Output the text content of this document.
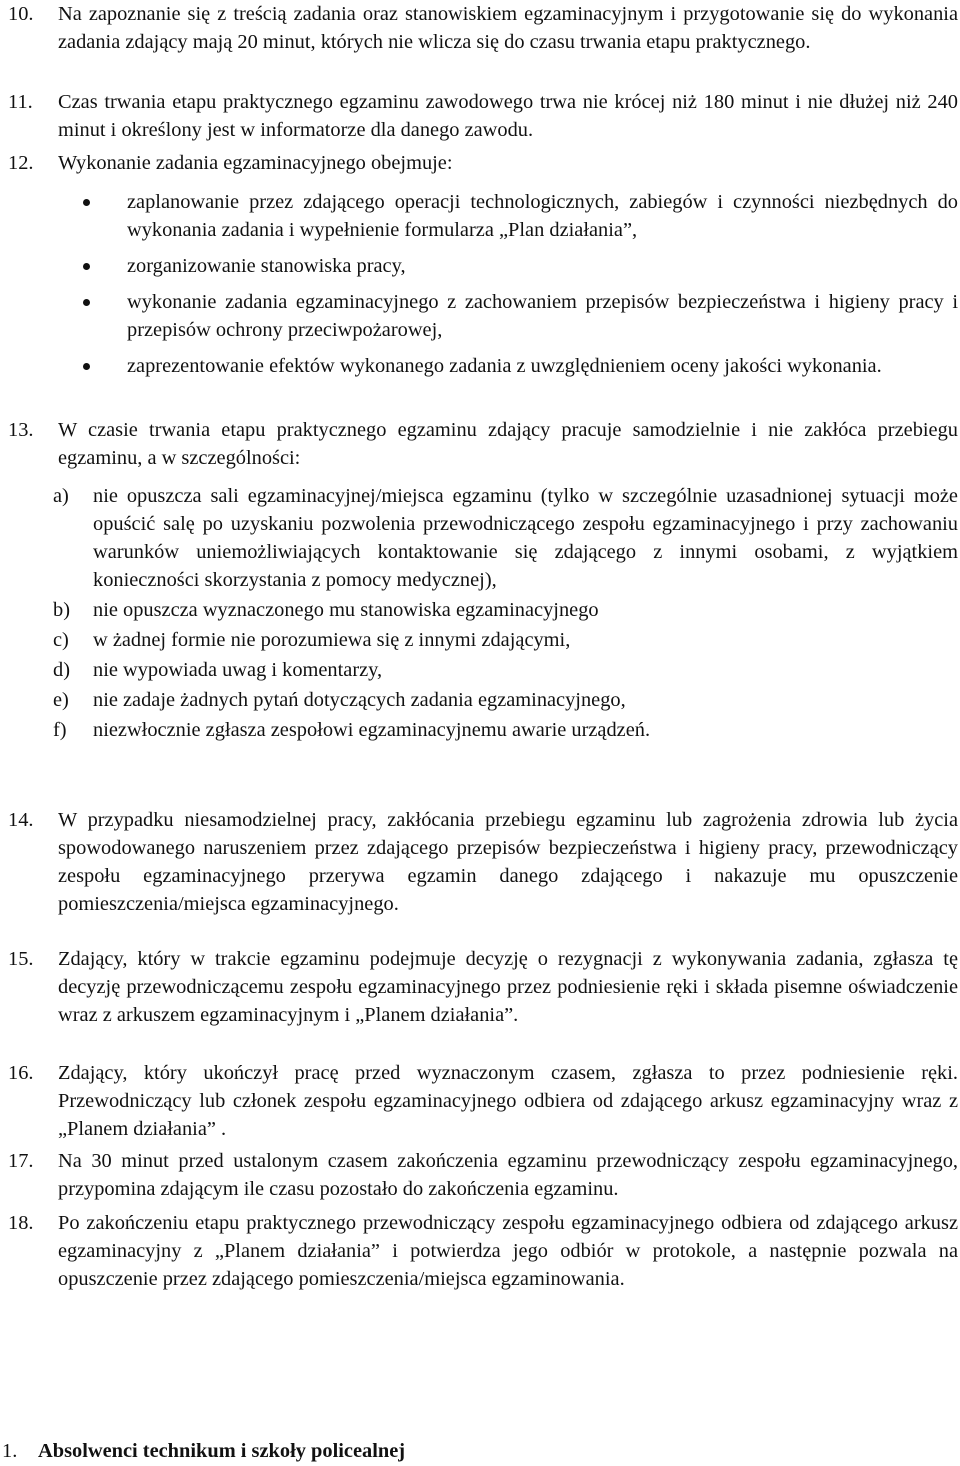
10. Na zapoznanie się z treścią zadania oraz stanowiskiem egzaminacyjnym i przygotowanie się do wykonania zadania zdający mają 20 minut, których nie wlicza się do czasu trwania etapu praktycznego.
11. Czas trwania etapu praktycznego egzaminu zawodowego trwa nie krócej niż 180 minut i nie dłużej niż 240 minut i określony jest w informatorze dla danego zawodu.
12. Wykonanie zadania egzaminacyjnego obejmuje:
zaplanowanie przez zdającego operacji technologicznych, zabiegów i czynności niezbędnych do wykonania zadania i wypełnienie formularza „Plan działania”,
zorganizowanie stanowiska pracy,
wykonanie zadania egzaminacyjnego z zachowaniem przepisów bezpieczeństwa i higieny pracy i przepisów ochrony przeciwpożarowej,
zaprezentowanie efektów wykonanego zadania z uwzględnieniem oceny jakości wykonania.
13. W czasie trwania etapu praktycznego egzaminu zdający pracuje samodzielnie i nie zakłóca przebiegu egzaminu, a w szczególności:
a) nie opuszcza sali egzaminacyjnej/miejsca egzaminu (tylko w szczególnie uzasadnionej sytuacji może opuścić salę po uzyskaniu pozwolenia przewodniczącego zespołu egzaminacyjnego i przy zachowaniu warunków uniemożliwiających kontaktowanie się zdającego z innymi osobami, z wyjątkiem konieczności skorzystania z pomocy medycznej),
b) nie opuszcza wyznaczonego mu stanowiska egzaminacyjnego
c) w żadnej formie nie porozumiewa się z innymi zdającymi,
d) nie wypowiada uwag i komentarzy,
e) nie zadaje żadnych pytań dotyczących zadania egzaminacyjnego,
f) niezwłocznie zgłasza zespołowi egzaminacyjnemu awarie urządzeń.
14. W przypadku niesamodzielnej pracy, zakłócania przebiegu egzaminu lub zagrożenia zdrowia lub życia spowodowanego naruszeniem przez zdającego przepisów bezpieczeństwa i higieny pracy, przewodniczący zespołu egzaminacyjnego przerywa egzamin danego zdającego i nakazuje mu opuszczenie pomieszczenia/miejsca egzaminacyjnego.
15. Zdający, który w trakcie egzaminu podejmuje decyzję o rezygnacji z wykonywania zadania, zgłasza tę decyzję przewodniczącemu zespołu egzaminacyjnego przez podniesienie ręki i składa pisemne oświadczenie wraz z arkuszem egzaminacyjnym i „Planem działania”.
16. Zdający, który ukończył pracę przed wyznaczonym czasem, zgłasza to przez podniesienie ręki. Przewodniczący lub członek zespołu egzaminacyjnego odbiera od zdającego arkusz egzaminacyjny wraz z „Planem działania” .
17. Na 30 minut przed ustalonym czasem zakończenia egzaminu przewodniczący zespołu egzaminacyjnego, przypomina zdającym ile czasu pozostało do zakończenia egzaminu.
18. Po zakończeniu etapu praktycznego przewodniczący zespołu egzaminacyjnego odbiera od zdającego arkusz egzaminacyjny z „Planem działania” i potwierdza jego odbiór w protokole, a następnie pozwala na opuszczenie przez zdającego pomieszczenia/miejsca egzaminowania.
1. Absolwenci technikum i szkoły policealnej
